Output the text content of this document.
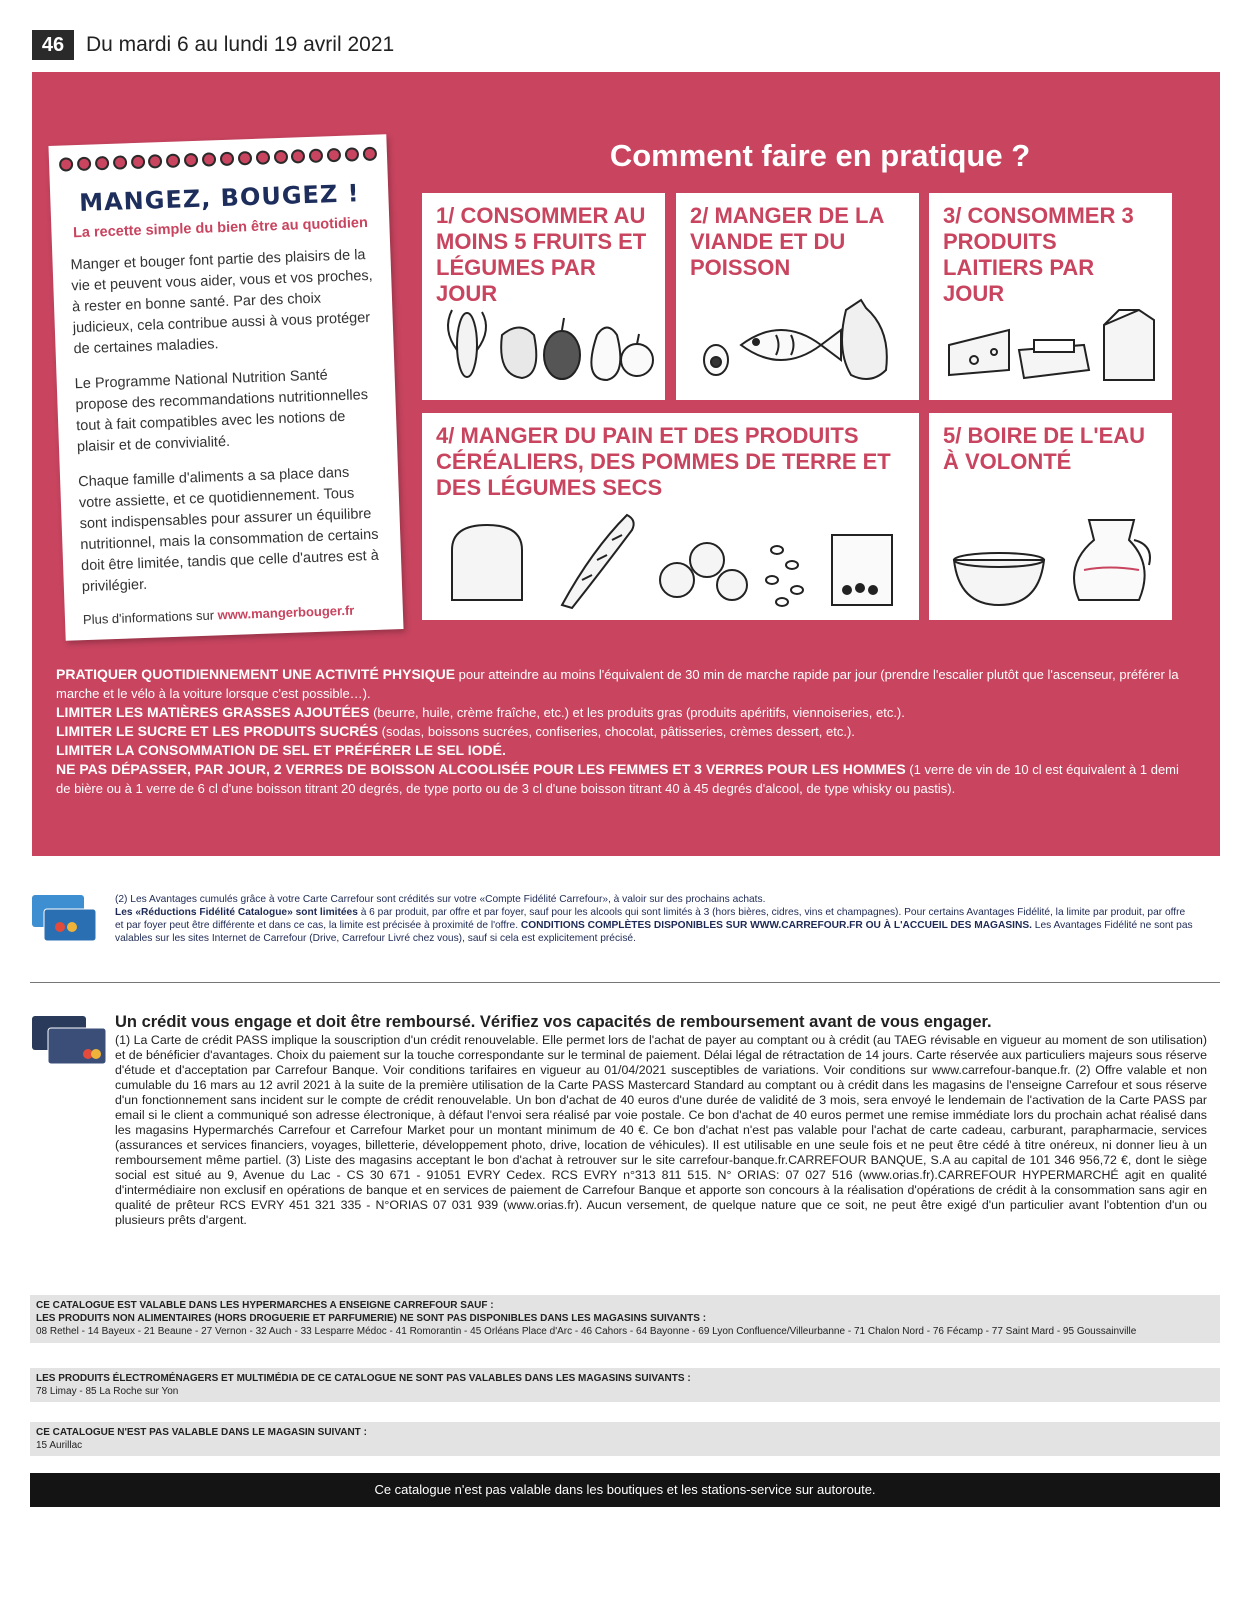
46	Du mardi 6 au lundi 19 avril 2021
MANGEZ, BOUGEZ !
La recette simple du bien être au quotidien

Manger et bouger font partie des plaisirs de la vie et peuvent vous aider, vous et vos proches, à rester en bonne santé. Par des choix judicieux, cela contribue aussi à vous protéger de certaines maladies.

Le Programme National Nutrition Santé propose des recommandations nutritionnelles tout à fait compatibles avec les notions de plaisir et de convivialité.

Chaque famille d'aliments a sa place dans votre assiette, et ce quotidiennement. Tous sont indispensables pour assurer un équilibre nutritionnel, mais la consommation de certains doit être limitée, tandis que celle d'autres est à privilégier.

Plus d'informations sur www.mangerbouger.fr

Comment faire en pratique ?
1/ CONSOMMER AU MOINS 5 FRUITS ET LÉGUMES PAR JOUR
2/ MANGER DE LA VIANDE ET DU POISSON
3/ CONSOMMER 3 PRODUITS LAITIERS PAR JOUR
4/ MANGER DU PAIN ET DES PRODUITS CÉRÉALIERS, DES POMMES DE TERRE ET DES LÉGUMES SECS
5/ BOIRE DE L'EAU À VOLONTÉ

PRATIQUER QUOTIDIENNEMENT UNE ACTIVITÉ PHYSIQUE pour atteindre au moins l'équivalent de 30 min de marche rapide par jour (prendre l'escalier plutôt que l'ascenseur, préférer la marche et le vélo à la voiture lorsque c'est possible…).

LIMITER LES MATIÈRES GRASSES AJOUTÉES (beurre, huile, crème fraîche, etc.) et les produits gras (produits apéritifs, viennoiseries, etc.).

LIMITER LE SUCRE ET LES PRODUITS SUCRÉS (sodas, boissons sucrées, confiseries, chocolat, pâtisseries, crèmes dessert, etc.).

LIMITER LA CONSOMMATION DE SEL ET PRÉFÉRER LE SEL IODÉ.

NE PAS DÉPASSER, PAR JOUR, 2 VERRES DE BOISSON ALCOOLISÉE POUR LES FEMMES ET 3 VERRES POUR LES HOMMES (1 verre de vin de 10 cl est équivalent à 1 demi de bière ou à 1 verre de 6 cl d'une boisson titrant 20 degrés, de type porto ou de 3 cl d'une boisson titrant 40 à 45 degrés d'alcool, de type whisky ou pastis).

(2) Les Avantages cumulés grâce à votre Carte Carrefour sont crédités sur votre «Compte Fidélité Carrefour», à valoir sur des prochains achats.

Les «Réductions Fidélité Catalogue» sont limitées à 6 par produit, par offre et par foyer, sauf pour les alcools qui sont limités à 3 (hors bières, cidres, vins et champagnes). Pour certains Avantages Fidélité, la limite par produit, par offre et par foyer peut être différente et dans ce cas, la limite est précisée à proximité de l'offre. CONDITIONS COMPLÈTES DISPONIBLES SUR WWW.CARREFOUR.FR OU À L'ACCUEIL DES MAGASINS. Les Avantages Fidélité ne sont pas valables sur les sites Internet de Carrefour (Drive, Carrefour Livré chez vous), sauf si cela est explicitement précisé.

Un crédit vous engage et doit être remboursé. Vérifiez vos capacités de remboursement avant de vous engager.
(1) La Carte de crédit PASS implique la souscription d'un crédit renouvelable. Elle permet lors de l'achat de payer au comptant ou à crédit (au TAEG révisable en vigueur au moment de son utilisation) et de bénéficier d'avantages. Choix du paiement sur la touche correspondante sur le terminal de paiement. Délai légal de rétractation de 14 jours. Carte réservée aux particuliers majeurs sous réserve d'étude et d'acceptation par Carrefour Banque. Voir conditions tarifaires en vigueur au 01/04/2021 susceptibles de variations. Voir conditions sur www.carrefour-banque.fr. (2) Offre valable et non cumulable du 16 mars au 12 avril 2021 à la suite de la première utilisation de la Carte PASS Mastercard Standard au comptant ou à crédit dans les magasins de l'enseigne Carrefour et sous réserve d'un fonctionnement sans incident sur le compte de crédit renouvelable. Un bon d'achat de 40 euros d'une durée de validité de 3 mois, sera envoyé le lendemain de l'activation de la Carte PASS par email si le client a communiqué son adresse électronique, à défaut l'envoi sera réalisé par voie postale. Ce bon d'achat de 40 euros permet une remise immédiate lors du prochain achat réalisé dans les magasins Hypermarchés Carrefour et Carrefour Market pour un montant minimum de 40 €. Ce bon d'achat n'est pas valable pour l'achat de carte cadeau, carburant, parapharmacie, services (assurances et services financiers, voyages, billetterie, développement photo, drive, location de véhicules). Il est utilisable en une seule fois et ne peut être cédé à titre onéreux, ni donner lieu à un remboursement même partiel. (3) Liste des magasins acceptant le bon d'achat à retrouver sur le site carrefour-banque.fr.CARREFOUR BANQUE, S.A au capital de 101 346 956,72 €, dont le siège social est situé au 9, Avenue du Lac - CS 30 671 - 91051 EVRY Cedex. RCS EVRY n°313 811 515. N° ORIAS: 07 027 516 (www.orias.fr).CARREFOUR HYPERMARCHÉ agit en qualité d'intermédiaire non exclusif en opérations de banque et en services de paiement de Carrefour Banque et apporte son concours à la réalisation d'opérations de crédit à la consommation sans agir en qualité de prêteur RCS EVRY 451 321 335 - N°ORIAS 07 031 939 (www.orias.fr). Aucun versement, de quelque nature que ce soit, ne peut être exigé d'un particulier avant l'obtention d'un ou plusieurs prêts d'argent.

CE CATALOGUE EST VALABLE DANS LES HYPERMARCHES A ENSEIGNE CARREFOUR SAUF :

LES PRODUITS NON ALIMENTAIRES (HORS DROGUERIE ET PARFUMERIE) NE SONT PAS DISPONIBLES DANS LES MAGASINS SUIVANTS :

08 Rethel - 14 Bayeux - 21 Beaune - 27 Vernon - 32 Auch - 33 Lesparre Médoc - 41 Romorantin - 45 Orléans Place d'Arc - 46 Cahors - 64 Bayonne - 69 Lyon Confluence/Villeurbanne - 71 Chalon Nord - 76 Fécamp - 77 Saint Mard - 95 Goussainville

LES PRODUITS ÉLECTROMÉNAGERS ET MULTIMÉDIA DE CE CATALOGUE NE SONT PAS VALABLES DANS LES MAGASINS SUIVANTS :

78 Limay - 85 La Roche sur Yon

CE CATALOGUE N'EST PAS VALABLE DANS LE MAGASIN SUIVANT :

15 Aurillac

Ce catalogue n'est pas valable dans les boutiques et les stations-service sur autoroute.
